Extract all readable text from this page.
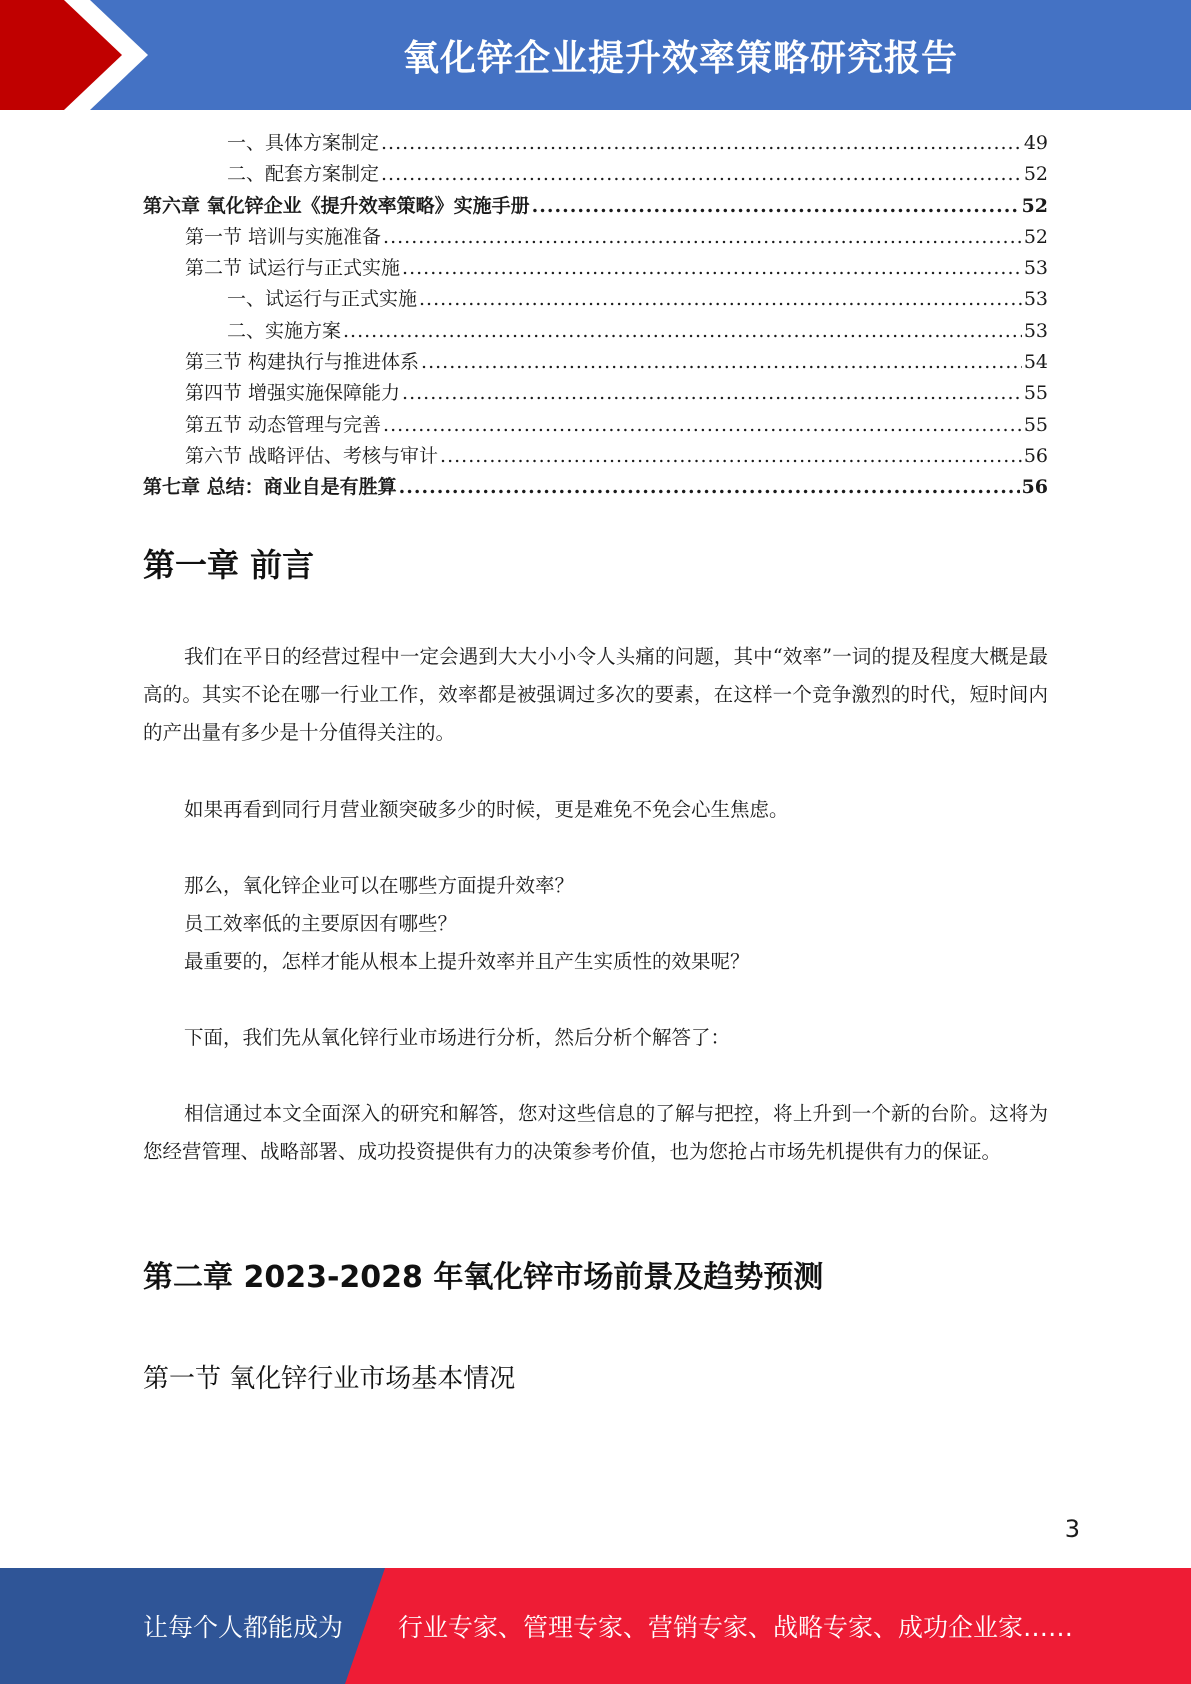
氧化锌企业提升效率策略研究报告
一、具体方案制定 .....	49
二、配套方案制定 .....	52
第六章 氧化锌企业《提升效率策略》实施手册 .....	52
第一节 培训与实施准备 .....	52
第二节 试运行与正式实施 .....	53
一、试运行与正式实施 .....	53
二、实施方案 .....	53
第三节 构建执行与推进体系 .....	54
第四节 增强实施保障能力 .....	55
第五节 动态管理与完善 .....	55
第六节 战略评估、考核与审计 .....	56
第七章 总结：商业自是有胜算 .....	56
第一章 前言

我们在平日的经营过程中一定会遇到大大小小令人头痛的问题，其中“效率”一词的提及程度大概是最高的。其实不论在哪一行业工作，效率都是被强调过多次的要素，在这样一个竞争激烈的时代，短时间内的产出量有多少是十分值得关注的。

如果再看到同行月营业额突破多少的时候，更是难免不免会心生焦虑。

那么，氧化锌企业可以在哪些方面提升效率？

员工效率低的主要原因有哪些？

最重要的，怎样才能从根本上提升效率并且产生实质性的效果呢？

下面，我们先从氧化锌行业市场进行分析，然后分析个解答了：

相信通过本文全面深入的研究和解答，您对这些信息的了解与把控，将上升到一个新的台阶。这将为您经营管理、战略部署、成功投资提供有力的决策参考价值，也为您抢占市场先机提供有力的保证。

第二章 2023-2028 年氧化锌市场前景及趋势预测
第一节 氧化锌行业市场基本情况
3
让每个人都能成为 行业专家、管理专家、营销专家、战略专家、成功企业家……
